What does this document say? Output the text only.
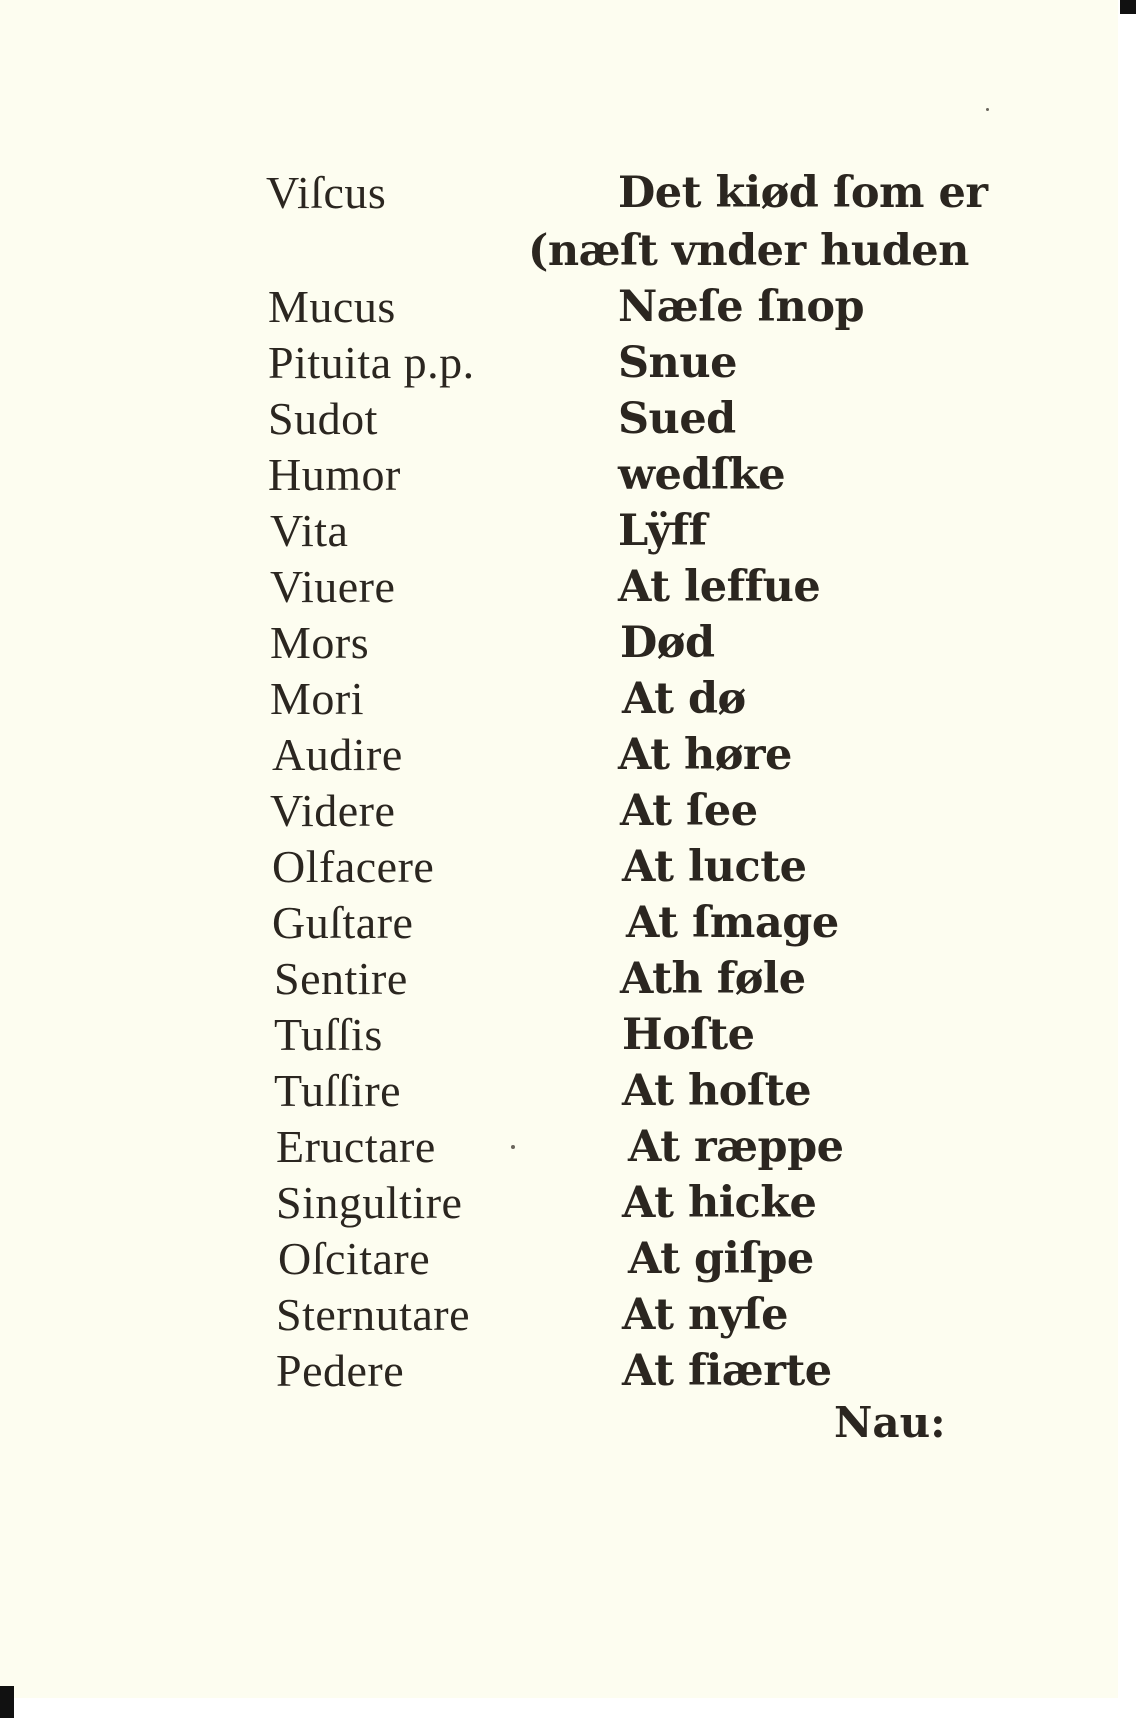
Viſcus	Det kiød ſom er
(næſt vnder huden
Mucus	Næſe ſnop
Pituita p.p.	Snue
Sudot	Sued
Humor	wedſke
Vita	Lÿff
Viuere	At leffue
Mors	Død
Mori	At dø
Audire	At høre
Videre	At ſee
Olfacere	At lucte
Guſtare	At ſmage
Sentire	Ath føle
Tuſſis	Hoſte
Tuſſire	At hoſte
Eructare	At ræppe
Singultire	At hicke
Oſcitare	At giſpe
Sternutare	At nyſe
Pedere	At fiærte
Nau:
